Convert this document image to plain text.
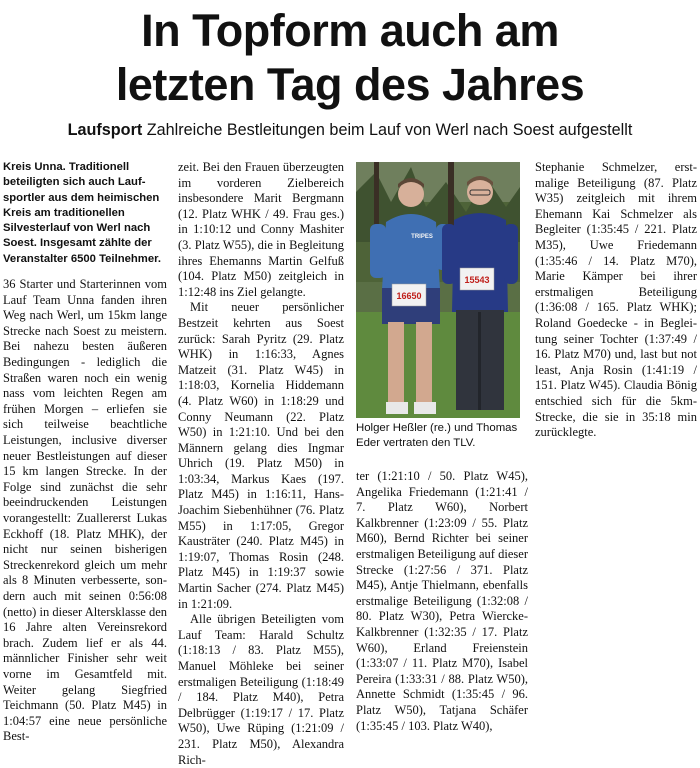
In Topform auch am
letzten Tag des Jahres
Laufsport Zahlreiche Bestleitungen beim Lauf von Werl nach Soest aufgestellt

Kreis Unna. Traditionell beteiligten sich auch Laufsportler aus dem heimischen Kreis am traditionellen Silvesterlauf von Werl nach Soest. Insgesamt zählte der Veranstalter 6500 Teilnehmer.

36 Starter und Starterinnen vom Lauf Team Unna fanden ihren Weg nach Werl, um 15km lange Strecke nach Soest zu meistern. Bei nahezu besten äußeren Bedingungen - lediglich die Straßen waren noch ein wenig nass vom leichten Regen am frühen Morgen – erliefen sie sich teilweise beachtliche Leistungen, inclusive diverser neuer Bestleistungen auf dieser 15 km langen Strecke. In der Folge sind zunächst die sehr beeindruckenden Leistungen vorangestellt: Zuallererst Lukas Eckhoff (18. Platz MHK), der nicht nur seinen bisherigen Streckenrekord gleich um mehr als 8 Minuten verbesserte, sondern auch mit seinen 0:56:08 (netto) in dieser Altersklasse den 16 Jahre alten Vereinsrekord brach. Zudem lief er als 44. männlicher Finisher sehr weit vorne im Gesamtfeld mit. Weiter gelang Siegfried Teichmann (50. Platz M45) in 1:04:57 eine neue persönliche Best-

zeit. Bei den Frauen überzeugten im vorderen Zielbereich insbesondere Marit Bergmann (12. Platz WHK / 49. Frau ges.) in 1:10:12 und Conny Mashiter (3. Platz W55), die in Begleitung ihres Ehemanns Martin Gelfuß (104. Platz M50) zeitgleich in 1:12:48 ins Ziel gelangte.

Mit neuer persönlicher Bestzeit kehrten aus Soest zurück: Sarah Pyritz (29. Platz WHK) in 1:16:33, Agnes Matzeit (31. Platz W45) in 1:18:03, Kornelia Hiddemann (4. Platz W60) in 1:18:29 und Conny Neumann (22. Platz W50) in 1:21:10. Und bei den Männern gelang dies Ingmar Uhrich (19. Platz M50) in 1:03:34, Markus Kaes (197. Platz M45) in 1:16:11, Hans-Joachim Siebenhühner (76. Platz M55) in 1:17:05, Gregor Kausträter (240. Platz M45) in 1:19:07, Thomas Rosin (248. Platz M45) in 1:19:37 sowie Martin Sacher (274. Platz M45) in 1:21:09.

Alle übrigen Beteiligten vom Lauf Team: Harald Schultz (1:18:13 / 83. Platz M55), Manuel Möhleke bei seiner erstmaligen Beteiligung (1:18:49 / 184. Platz M40), Petra Delbrügger (1:19:17 / 17. Platz W50), Uwe Rüping (1:21:09 / 231. Platz M50), Alexandra Rich-

16650
TRIPES
15543
Holger Heßler (re.) und Thomas Eder vertraten den TLV.

ter (1:21:10 / 50. Platz W45), Angelika Friedemann (1:21:41 / 7. Platz W60), Norbert Kalkbrenner (1:23:09 / 55. Platz M60), Bernd Richter bei seiner erstmaligen Beteiligung auf dieser Strecke (1:27:56 / 371. Platz M45), Antje Thielmann, ebenfalls erstmalige Beteiligung (1:32:08 / 80. Platz W30), Petra Wiercke-Kalkbrenner (1:32:35 / 17. Platz W60), Erland Freienstein (1:33:07 / 11. Platz M70), Isabel Pereira (1:33:31 / 88. Platz W50), Annette Schmidt (1:35:45 / 96. Platz W50), Tatjana Schäfer (1:35:45 / 103. Platz W40),

Stephanie Schmelzer, erstmalige Beteiligung (87. Platz W35) zeitgleich mit ihrem Ehemann Kai Schmelzer als Begleiter (1:35:45 / 221. Platz M35), Uwe Friedemann (1:35:46 / 14. Platz M70), Marie Kämper bei ihrer erstmaligen Beteiligung (1:36:08 / 165. Platz WHK); Roland Goedecke - in Begleitung seiner Tochter (1:37:49 / 16. Platz M70) und, last but not least, Anja Rosin (1:41:19 / 151. Platz W45). Claudia Bönig entschied sich für die 5km-Strecke, die sie in 35:18 min zurücklegte.
